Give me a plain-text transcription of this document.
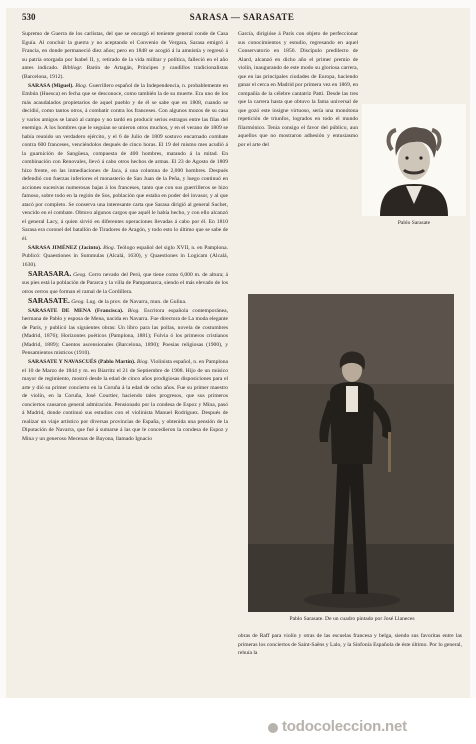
530	SARASA — SARASATE

Supremo de Guerra de los carlistas, del que se encargó el teniente general conde de Casa Eguía. Al concluir la guerra y no aceptando el Convenio de Vergara, Sarasa emigró á Francia, en donde permaneció diez años; pero en 1848 se acogió á la amnistía y regresó á su patria otorgada por Isabel II, y, retirado de la vida militar y política, falleció en el año antes indicado. Bibliogr. Barón de Artagán, Príncipes y caudillos tradicionalistas (Barcelona, 1912).

SARASA (Miguel). Biog. Guerrillero español de la Independencia, n. probablemente en Embún (Huesca) en fecha que se desconoce, como también la de su muerte. Era uno de los más acaudalados propietarios de aquel pueblo y de él se sabe que en 1808, cuando se decidió, como tantos otros, á combatir contra los franceses. Con algunos mozos de su casa y varios amigos se lanzó al campo y no tardó en producir serios estragos entre las filas del enemigo. A los hombres que le seguían se unieron otros muchos, y en el verano de 1809 se había reunido un verdadero ejército, y el 6 de Julio de 1809 sostuvo encarnado combate contra 600 franceses, venciéndolos después de cinco horas. El 19 del mismo mes acudió á la guarnición de Sangüesa, compuesta de 400 hombres, matando á la mitad. En combinación con Renovales, llevó á cabo otros hechos de armas. El 23 de Agosto de 1809 hizo frente, en las inmediaciones de Jaca, á una columna de 2,000 hombres. Después defendió con fuerzas inferiores el monasterio de San Juan de la Peña, y luego continuó en acciones sucesivas numerosas bajas á los franceses, tanto que con sus guerrilleros se hizo famoso, sobre todo en la región de Sos, población que estaba en poder del invasor, y al que atacó por completo. Se conserva una interesante carta que Sarasa dirigió al general Suchet, vencido en el combate. Obtuvo algunos cargos que aquél le había hecho, y con ello alcanzó el general Lacy, á quien sirvió en diferentes operaciones llevadas á cabo por él. En 1810 Sarasa era coronel del batallón de Tiradores de Aragón, y todo esto lo último que se sabe de él.

SARASA JIMÉNEZ (Jacinto). Biog. Teólogo español del siglo XVII, n. en Pamplona. Publicó: Quaestiones in Summulas (Alcalá, 1630), y Quaestiones in Logicam (Alcalá, 1630).

SARASARA. Geog. Cerro nevado del Perú, que tiene como 6,000 m. de altura; á sus pies está la población de Pararca y la villa de Pampamarca, siendo el más elevado de los otros cerros que forman el ramal de la Cordillera.

SARASATE. Geog. Lug. de la prov. de Navarra, mun. de Gulina.

SARASATE DE MENA (Francisca). Biog. Escritora española contemporánea, hermana de Pablo y esposa de Mena, nacida en Navarra. Fue directora de La moda elegante de París, y publicó las siguientes obras: Un libro para las pollas, novela de costumbres (Madrid, 1876); Horizontes poéticos (Pamplona, 1881); Fulvia ó los primeros cristianos (Madrid, 1889); Cuentos ascensionales (Barcelona, 1890); Poesías religiosas (1900), y Pensamientos místicos (1910).

SARASATE Y NAVASCUÉS (Pablo Martín). Biog. Violinista español, n. en Pamplona el 10 de Marzo de 1844 y m. en Biarritz el 21 de Septiembre de 1908. Hijo de un músico mayor de regimiento, mostró desde la edad de cinco años prodigiosas disposiciones para el arte y dió su primer concierto en la Coruña á la edad de ocho años. Fue su primer maestro de violín, en la Coruña, José Courtier, haciendo tales progresos, que sus primeros conciertos causaron general admiración. Pensionado por la condesa de Espoz y Mina, pasó á Madrid, donde continuó sus estudios con el violinista Manuel Rodríguez. Después de realizar un viaje artístico por diversas provincias de España, y obtenida una pensión de la Diputación de Navarra, que fué á sumarse á las que le concedieron la condesa de Espoz y Mina y un generoso Mecenas de Bayona, llamado Ignacio

García, dirigióse á París con objeto de perfeccionar sus conocimientos y estudio, regresando en aquel Conservatorio en 1856. Discípulo predilecto de Alard, alcanzó en dicho año el primer premio de violín, inaugurando de este modo su gloriosa carrera, que en las principales ciudades de Europa, haciendo ganar el cerca en Madrid por primera vez en 1869, en compañía de la célebre cantatriz Patti. Desde las tres que la carrera hasta que obtuvo la fama universal de que gozó este insigne virtuoso, sería una monótona repetición de triunfos, logrados en todo el mundo filarmónico. Tenía consigo el favor del público, aun aquellos que no mostraron adhesión y entusiasmo por el arte del

Pablo Sarasate
Pablo Sarasate. De un cuadro pintado por José Llaneces

obras de Raff para violín y otras de las escuelas francesa y belga, siendo sus favoritas entre las primeras los conciertos de Saint-Saëns y Lalo, y la Sinfonía Española de éste último. Por lo general, rehuía la

todocoleccion.net
